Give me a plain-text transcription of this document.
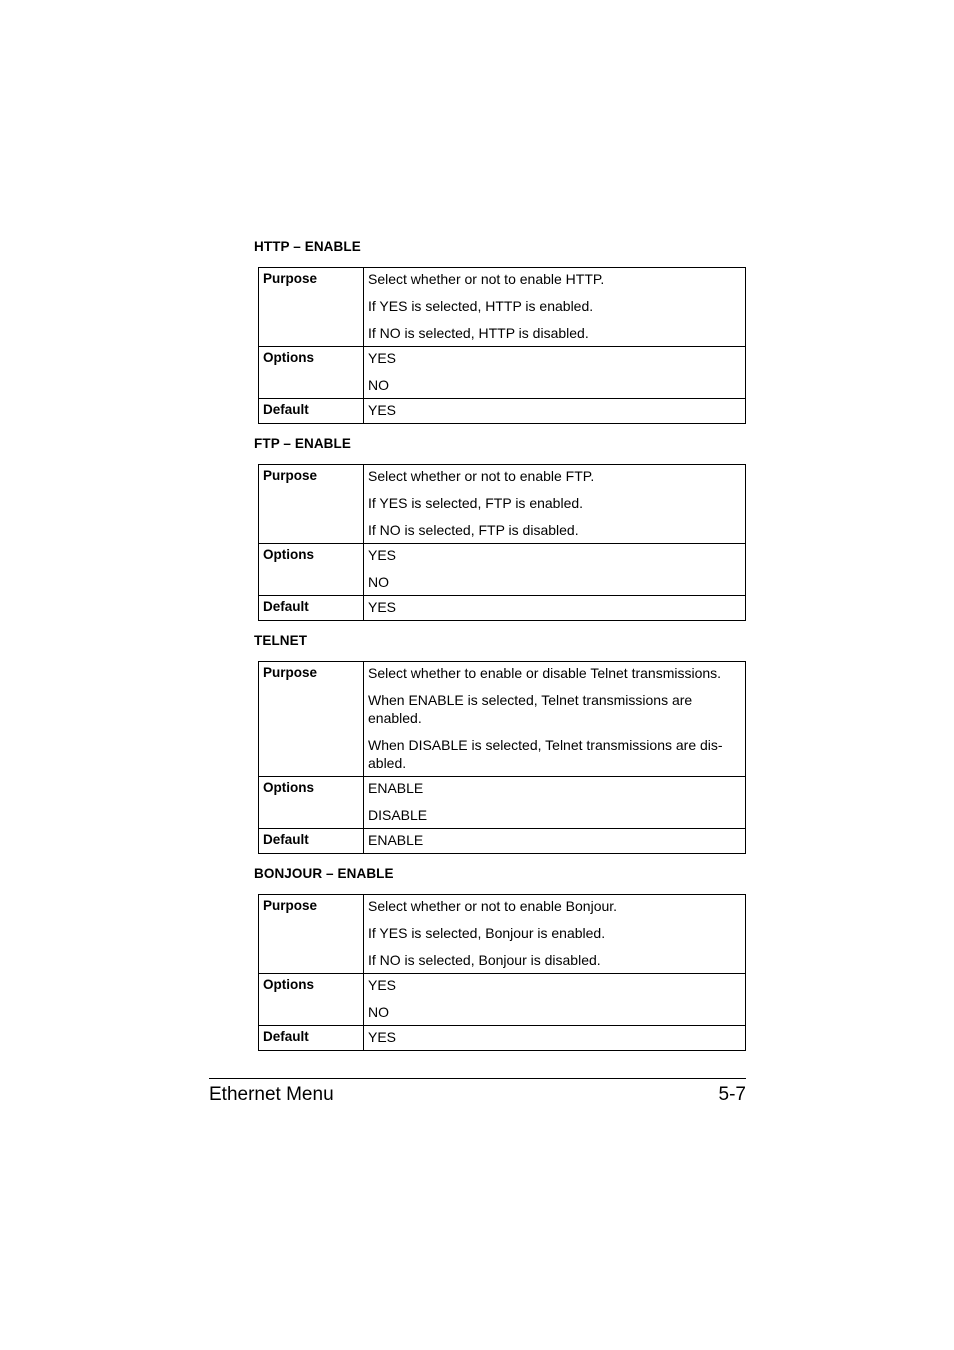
HTTP – ENABLE
Purpose	Select whether or not to enable HTTP.
If YES is selected, HTTP is enabled.
If NO is selected, HTTP is disabled.

Options	YES
NO

Default	YES
FTP – ENABLE
Purpose	Select whether or not to enable FTP.
If YES is selected, FTP is enabled.
If NO is selected, FTP is disabled.

Options	YES
NO

Default	YES
TELNET
Purpose	Select whether to enable or disable Telnet transmissions.
When ENABLE is selected, Telnet transmissions are enabled.
When DISABLE is selected, Telnet transmissions are dis-abled.

Options	ENABLE
DISABLE

Default	ENABLE
BONJOUR – ENABLE
Purpose	Select whether or not to enable Bonjour.
If YES is selected, Bonjour is enabled.
If NO is selected, Bonjour is disabled.

Options	YES
NO

Default	YES
Ethernet Menu	5-7
